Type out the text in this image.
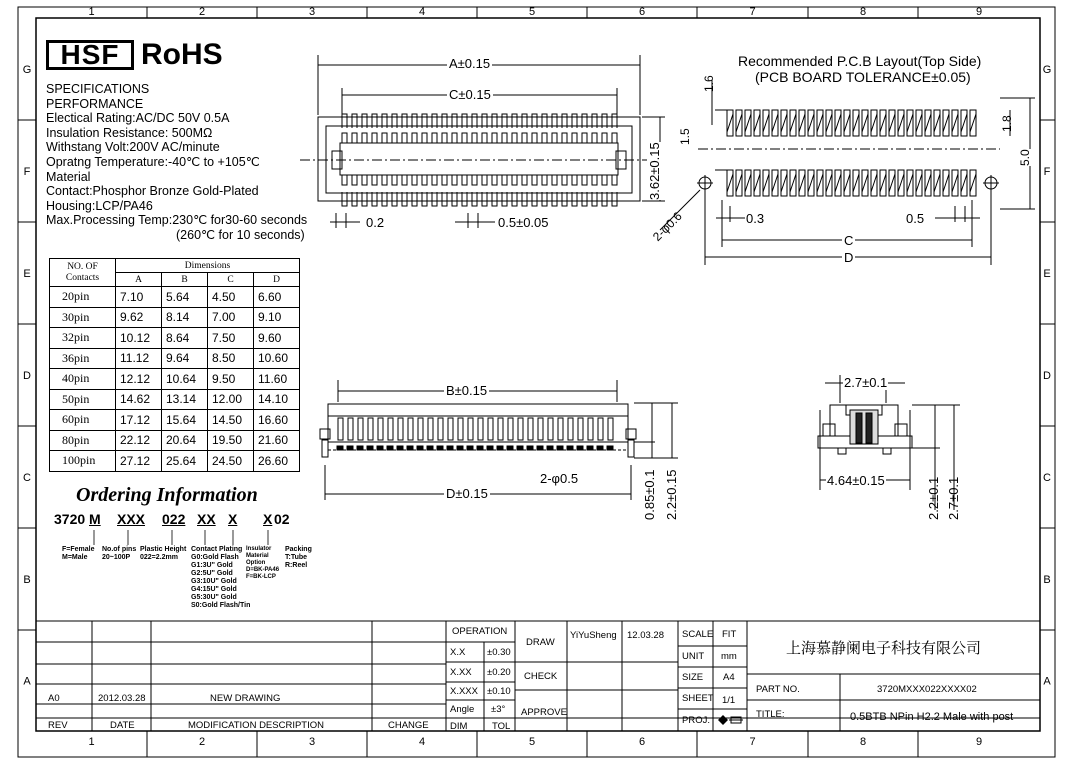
1
1
2
2
3
3
4
4
5
5
6
6
7
7
8
8
9
9
G	G
F	F
E	E
D	D
C	C
B	B
A	A
HSF RoHS
SPECIFICATIONS
PERFORMANCE
Electical Rating:AC/DC 50V 0.5A
Insulation Resistance: 500MΩ
Withstang Volt:200V AC/minute
Opratng Temperature:-40℃ to +105℃
Material
Contact:Phosphor Bronze Gold-Plated
Housing:LCP/PA46
Max.Processing Temp:230℃ for30-60 seconds
(260℃ for 10 seconds)
NO. OF Contacts	Dimensions			
	A	B	C	D
20pin	7.10	5.64	4.50	6.60
30pin	9.62	8.14	7.00	9.10
32pin	10.12	8.64	7.50	9.60
36pin	11.12	9.64	8.50	10.60
40pin	12.12	10.64	9.50	11.60
50pin	14.62	13.14	12.00	14.10
60pin	17.12	15.64	14.50	16.60
80pin	22.12	20.64	19.50	21.60
100pin	27.12	25.64	24.50	26.60
Ordering Information
3720 M XXX 022 XX X X 02
F=Female
M=Male
No.of pins
20~100P
Plastic Height
022=2.2mm
Contact Plating
G0:Gold Flash
G1:3U" Gold
G2:5U" Gold
G3:10U" Gold
G4:15U" Gold
G5:30U" Gold
S0:Gold Flash/Tin
Insulator
Material
Option
D=BK-PA46
F=BK-LCP
Packing
T:Tube
R:Reel
A±0.15
C±0.15
3.62±0.15
0.2	0.5±0.05
B±0.15
D±0.15
2-φ0.5	0.85±0.1 2.2±0.15
2.7±0.1
4.64±0.15	2.2±0.1 2.7±0.1
Recommended P.C.B Layout(Top Side)
(PCB BOARD TOLERANCE±0.05)
1.6
1.5
1.8
5.0
2-φ0.6	0.3	0.5
C
D
OPERATION
X.X ±0.30
X.XX ±0.20
X.XXX ±0.10
Angle ±3°
DIM	TOL
DRAW
YiYuSheng 12.03.28
CHECK
APPROVE
SCALE FIT
UNIT mm
SIZE A4
SHEET 1/1
PROJ.
上海慕静阑电子科技有限公司
PART NO.	3720MXXX022XXXX02
TITLE:	0.5BTB NPin H2.2 Male with post
A0	2012.03.28	NEW DRAWING
REV	DATE	MODIFICATION DESCRIPTION	CHANGE
